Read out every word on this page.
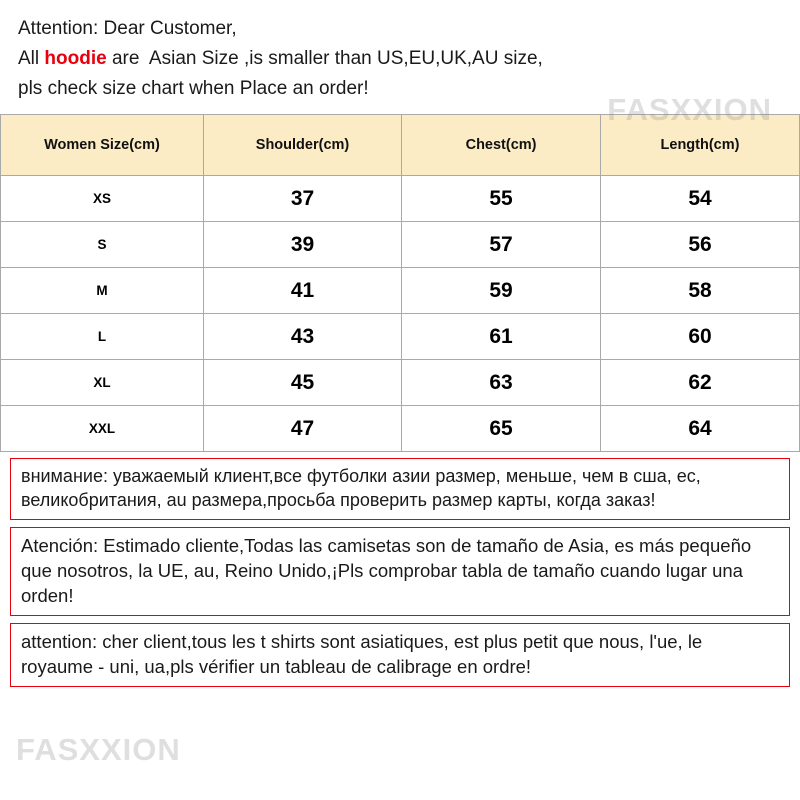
FASXXION
FASXXION
Attention: Dear Customer,
All hoodie are  Asian Size ,is smaller than US,EU,UK,AU size,
pls check size chart when Place an order!
Women Size(cm)	Shoulder(cm)	Chest(cm)	Length(cm)
XS	37	55	54
S	39	57	56
M	41	59	58
L	43	61	60
XL	45	63	62
XXL	47	65	64

внимание: уважаемый клиент,все футболки азии размер, меньше, чем в сша, ес, великобритания, au размера,просьба проверить размер карты, когда заказ!

Atención: Estimado cliente,Todas las camisetas son de tamaño de Asia, es más pequeño que nosotros, la UE, au, Reino Unido,¡Pls comprobar tabla de tamaño cuando lugar una orden!

attention: cher client,tous les t shirts sont asiatiques, est plus petit que nous, l'ue, le royaume - uni, ua,pls vérifier un tableau de calibrage en ordre!
